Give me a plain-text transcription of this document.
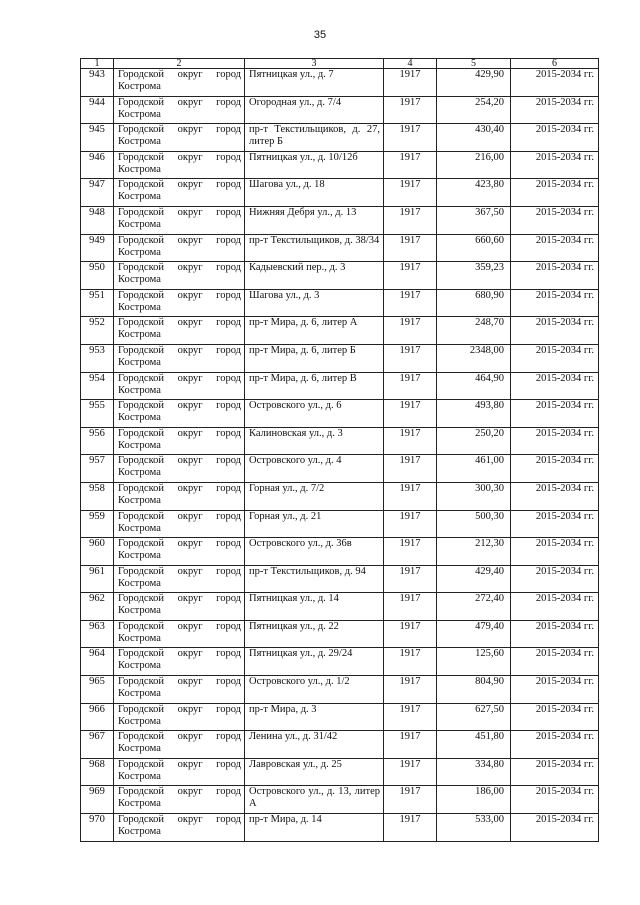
35
1	2	3	4	5	6
943	Городской округ город Кострома	Пятницкая ул., д. 7	1917	429,90	2015-2034 гг.
944	Городской округ город Кострома	Огородная ул., д. 7/4	1917	254,20	2015-2034 гг.
945	Городской округ город Кострома	пр-т Текстильщиков, д. 27, литер Б	1917	430,40	2015-2034 гг.
946	Городской округ город Кострома	Пятницкая ул., д. 10/12б	1917	216,00	2015-2034 гг.
947	Городской округ город Кострома	Шагова ул., д. 18	1917	423,80	2015-2034 гг.
948	Городской округ город Кострома	Нижняя Дебря ул., д. 13	1917	367,50	2015-2034 гг.
949	Городской округ город Кострома	пр-т Текстильщиков, д. 38/34	1917	660,60	2015-2034 гг.
950	Городской округ город Кострома	Кадыевский пер., д. 3	1917	359,23	2015-2034 гг.
951	Городской округ город Кострома	Шагова ул., д. 3	1917	680,90	2015-2034 гг.
952	Городской округ город Кострома	пр-т Мира, д. 6, литер А	1917	248,70	2015-2034 гг.
953	Городской округ город Кострома	пр-т Мира, д. 6, литер Б	1917	2348,00	2015-2034 гг.
954	Городской округ город Кострома	пр-т Мира, д. 6, литер В	1917	464,90	2015-2034 гг.
955	Городской округ город Кострома	Островского ул., д. 6	1917	493,80	2015-2034 гг.
956	Городской округ город Кострома	Калиновская ул., д. 3	1917	250,20	2015-2034 гг.
957	Городской округ город Кострома	Островского ул., д. 4	1917	461,00	2015-2034 гг.
958	Городской округ город Кострома	Горная ул., д. 7/2	1917	300,30	2015-2034 гг.
959	Городской округ город Кострома	Горная ул., д. 21	1917	500,30	2015-2034 гг.
960	Городской округ город Кострома	Островского ул., д. 36в	1917	212,30	2015-2034 гг.
961	Городской округ город Кострома	пр-т Текстильщиков, д. 94	1917	429,40	2015-2034 гг.
962	Городской округ город Кострома	Пятницкая ул., д. 14	1917	272,40	2015-2034 гг.
963	Городской округ город Кострома	Пятницкая ул., д. 22	1917	479,40	2015-2034 гг.
964	Городской округ город Кострома	Пятницкая ул., д. 29/24	1917	125,60	2015-2034 гг.
965	Городской округ город Кострома	Островского ул., д. 1/2	1917	804,90	2015-2034 гг.
966	Городской округ город Кострома	пр-т Мира, д. 3	1917	627,50	2015-2034 гг.
967	Городской округ город Кострома	Ленина ул., д. 31/42	1917	451,80	2015-2034 гг.
968	Городской округ город Кострома	Лавровская ул., д. 25	1917	334,80	2015-2034 гг.
969	Городской округ город Кострома	Островского ул., д. 13, литер А	1917	186,00	2015-2034 гг.
970	Городской округ город Кострома	пр-т Мира, д. 14	1917	533,00	2015-2034 гг.
